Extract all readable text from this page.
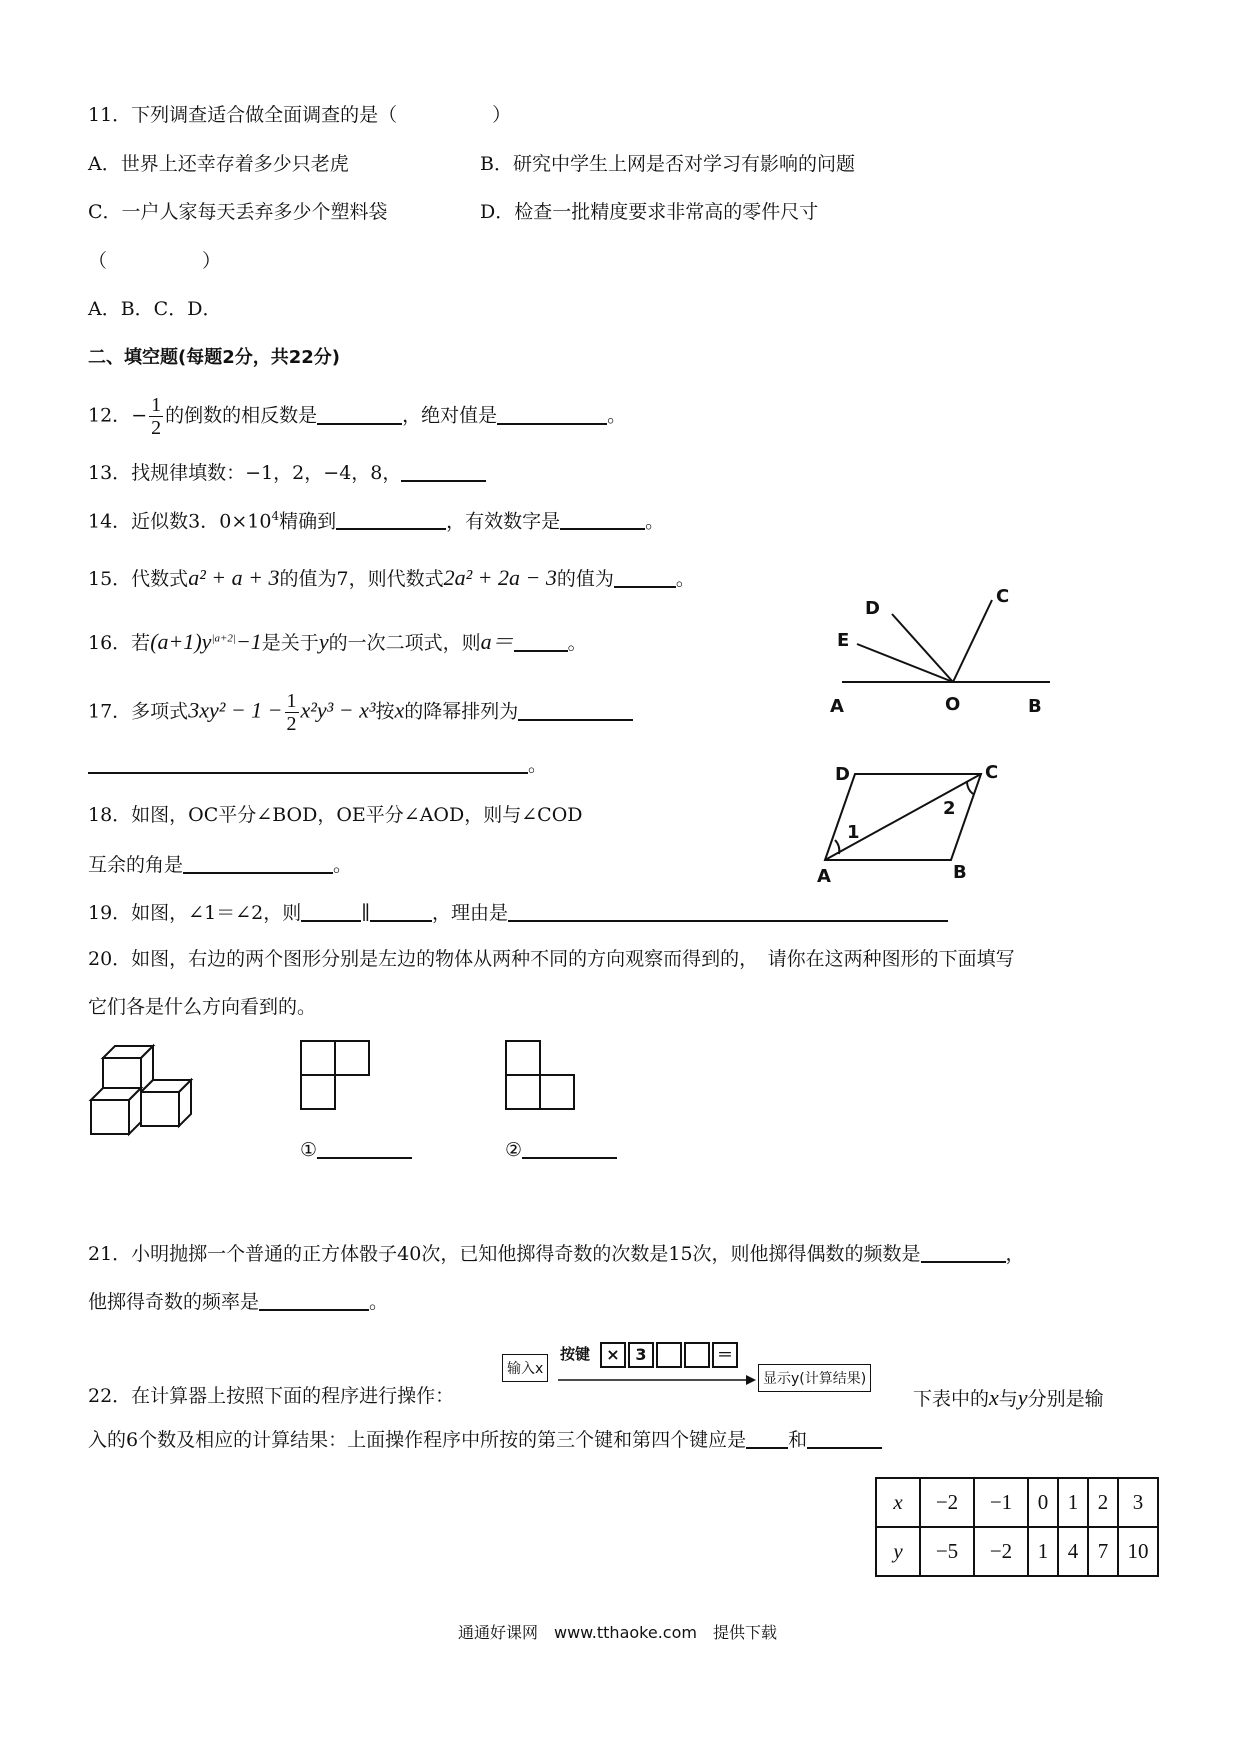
11．下列调查适合做全面调查的是（　　　　　）
A．世界上还幸存着多少只老虎	B．研究中学生上网是否对学习有影响的问题
C．一户人家每天丢弃多少个塑料袋	D．检查一批精度要求非常高的零件尺寸
（　　　　　）
A．B．C．D．
二、填空题(每题2分，共22分)
12．− $\frac{1}{2}$ 的倒数的相反数是	，绝对值是	。
13．找规律填数：−1，2，−4，8，
14．近似数3．$0\times 10^4$精确到	，有效数字是	。
15．代数式a² + a + 3的值为7，则代数式2a² + 2a − 3的值为	。
16．若$(a+1)y^{|a+2|}-1$是关于y的一次二项式，则a＝	。
17．多项式$3xy^2 - 1 - \frac{1}{2} x^2y^3 - x^3$按x的降幂排列为
。
18．如图，OC平分∠BOD，OE平分∠AOD，则与∠COD
互余的角是	。
19．如图，∠1＝∠2，则	∥	，理由是
20．如图，右边的两个图形分别是左边的物体从两种不同的方向观察而得到的，　请你在这两种图形的下面填写
它们各是什么方向看到的。
①	②
A	O	B
C
D
E
A	B
C
D
1
2
21．小明抛掷一个普通的正方体骰子40次，已知他掷得奇数的次数是15次，则他掷得偶数的频数是	，
他掷得奇数的频率是	。
输入x
按键	× 3	＝
显示y(计算结果)
22．在计算器上按照下面的程序进行操作：	下表中的x与y分别是输
入的6个数及相应的计算结果：上面操作程序中所按的第三个键和第四个键应是 和
x	−2	−1	0	1	2	3
y	−5	−2	1	4	7	10
通通好课网　www.tthaoke.com　提供下载
